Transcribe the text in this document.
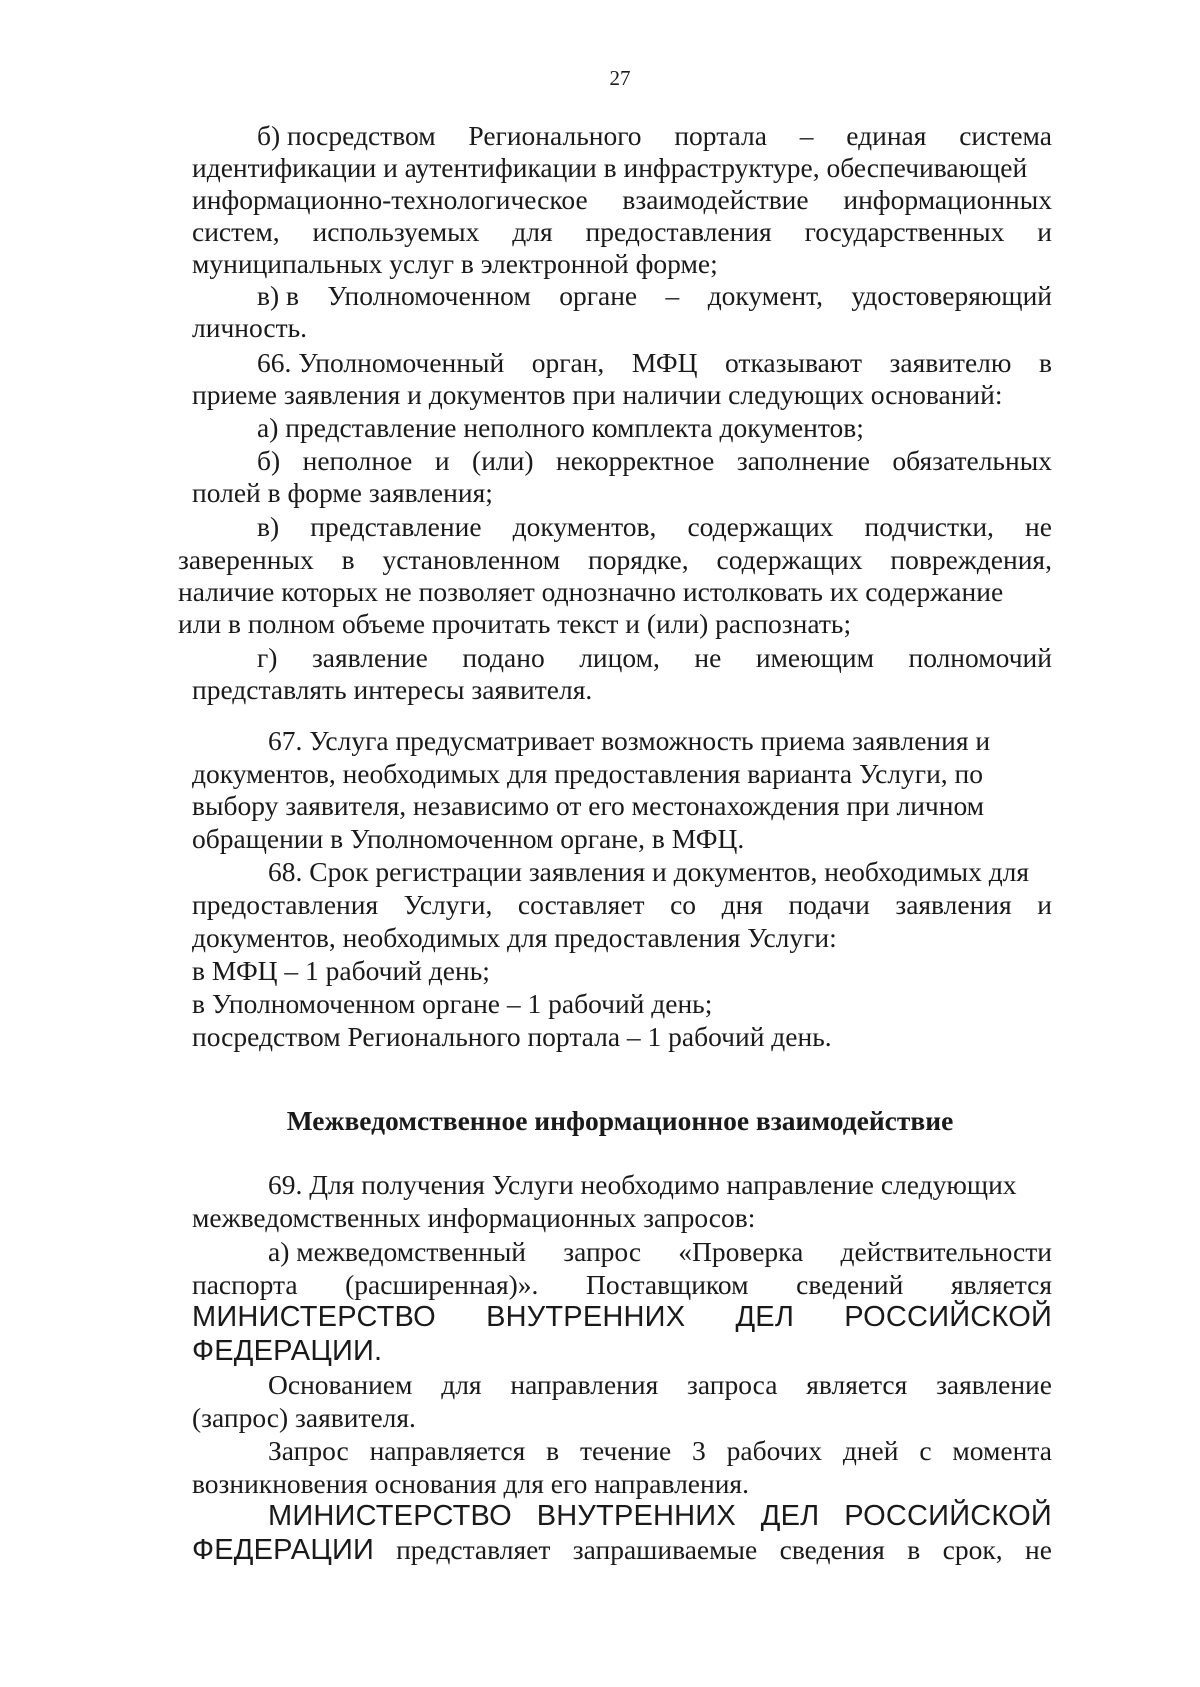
27
б) посредством Регионального портала – единая система
идентификации и аутентификации в инфраструктуре, обеспечивающей
информационно-технологическое взаимодействие информационных
систем, используемых для предоставления государственных и
муниципальных услуг в электронной форме;
в) в Уполномоченном органе – документ, удостоверяющий
личность.
66. Уполномоченный орган, МФЦ отказывают заявителю в
приеме заявления и документов при наличии следующих оснований:
а) представление неполного комплекта документов;
б) неполное и (или) некорректное заполнение обязательных
полей в форме заявления;
в) представление документов, содержащих подчистки, не
заверенных в установленном порядке, содержащих повреждения,
наличие которых не позволяет однозначно истолковать их содержание
или в полном объеме прочитать текст и (или) распознать;
г) заявление подано лицом, не имеющим полномочий
представлять интересы заявителя.
67. Услуга предусматривает возможность приема заявления и
документов, необходимых для предоставления варианта Услуги, по
выбору заявителя, независимо от его местонахождения при личном
обращении в Уполномоченном органе, в МФЦ.
68. Срок регистрации заявления и документов, необходимых для
предоставления Услуги, составляет со дня подачи заявления и
документов, необходимых для предоставления Услуги:
в МФЦ – 1 рабочий день;
в Уполномоченном органе – 1 рабочий день;
посредством Регионального портала – 1 рабочий день.
Межведомственное информационное взаимодействие
69. Для получения Услуги необходимо направление следующих
межведомственных информационных запросов:
а) межведомственный запрос «Проверка действительности
паспорта (расширенная)». Поставщиком сведений является
МИНИСТЕРСТВО ВНУТРЕННИХ ДЕЛ РОССИЙСКОЙ
ФЕДЕРАЦИИ.
Основанием для направления запроса является заявление
(запрос) заявителя.
Запрос направляется в течение 3 рабочих дней с момента
возникновения основания для его направления.
МИНИСТЕРСТВО ВНУТРЕННИХ ДЕЛ РОССИЙСКОЙ
ФЕДЕРАЦИИ представляет запрашиваемые сведения в срок, не
